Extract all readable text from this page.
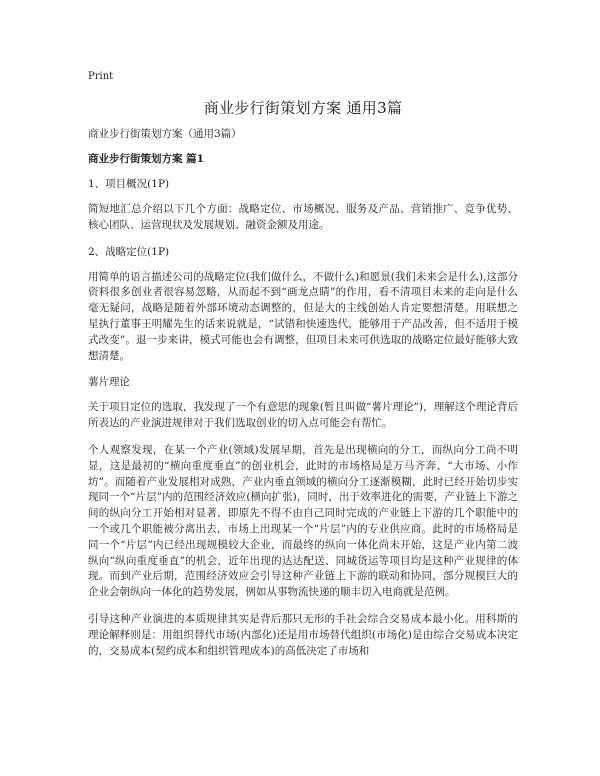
Print
商业步行街策划方案 通用3篇
商业步行街策划方案（通用3篇）
商业步行街策划方案 篇1
1、项目概况(1P)

简短地汇总介绍以下几个方面：战略定位、市场概况、服务及产品、营销推广、竞争优势、核心团队、运营现状及发展规划、融资金额及用途。

2、战略定位(1P)

用简单的语言描述公司的战略定位(我们做什么，不做什么)和愿景(我们未来会是什么),这部分资料很多创业者很容易忽略，从而起不到“画龙点睛”的作用，看不清项目未来的走向是什么毫无疑问，战略是随着外部环境动态调整的，但是大的主线创始人肯定要想清楚。用联想之星执行董事王明耀先生的话来说就是，“试错和快速迭代，能够用于产品改善，但不适用于模式改变”。退一步来讲，模式可能也会有调整，但项目未来可供选取的战略定位最好能够大致想清楚。

薯片理论

关于项目定位的选取，我发现了一个有意思的现象(暂且叫做“薯片理论”)，理解这个理论背后所表达的产业演进规律对于我们选取创业的切入点可能会有帮忙。

个人观察发现，在某一个产业(领域)发展早期，首先是出现横向的分工，而纵向分工尚不明显，这是最初的“横向重度垂直”的创业机会，此时的市场格局是万马齐奔、“大市场、小作坊”。而随着产业发展相对成熟，产业内垂直领域的横向分工逐渐模糊，此时已经开始切步实现同一个“片层”内的范围经济效应(横向扩张)，同时，出于效率进化的需要，产业链上下游之间的纵向分工开始相对显著，即原先不得不由自己同时完成的产业链上下游的几个职能中的一个或几个职能被分离出去，市场上出现某一个“片层”内的专业供应商。此时的市场格局是同一个“片层”内已经出现规模较大企业，而最终的纵向一体化尚未开始，这是产业内第二波纵向“纵向重度垂直”的机会，近年出现的达达配送、同城货运等项目均是这种产业规律的体现。而到产业后期，范围经济效应会引导这种产业链上下游的联动和协同，部分规模巨大的企业会朝纵向一体化的趋势发展，例如从事物流快递的顺丰切入电商就是范例。

引导这种产业演进的本质规律其实是背后那只无形的手社会综合交易成本最小化。用科斯的理论解释则是：用组织替代市场(内部化)还是用市场替代组织(市场化)是由综合交易成本决定的，交易成本(契约成本和组织管理成本)的高低决定了市场和
